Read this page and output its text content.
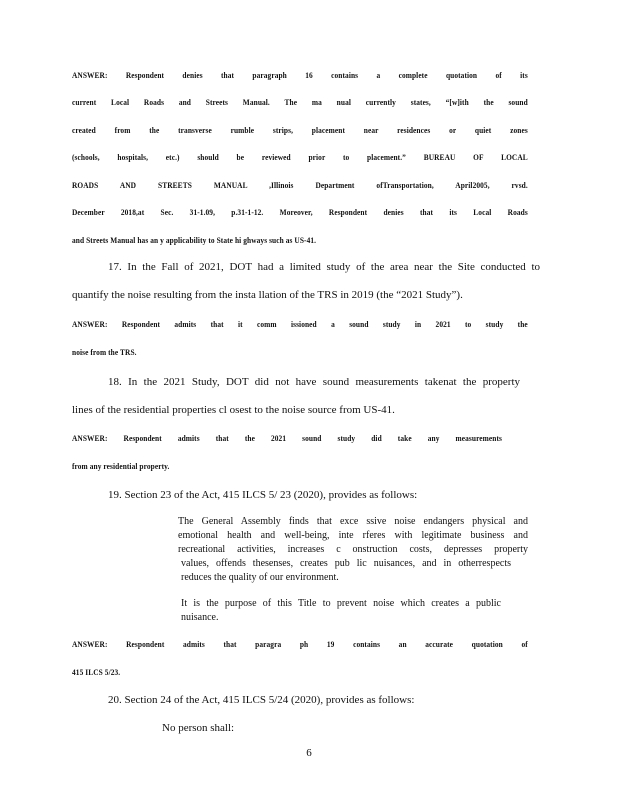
ANSWER: Respondent denies that paragraph 16 contains a complete quotation of its
current Local Roads and Streets Manual. The ma nual currently states, “[w]ith the sound
created from the transverse rumble strips, placement near residences or quiet zones
(schools, hospitals, etc.) should be reviewed prior to placement.” BUREAU OF LOCAL
ROADS AND STREETS MANUAL ,Illinois Department ofTransportation, April2005, rvsd.
December 2018,at Sec. 31-1.09, p.31-1-12. Moreover, Respondent denies that its Local Roads
and Streets Manual has an y applicability to State hi ghways such as US-41.
17. In the Fall of 2021, DOT had a limited study of the area near the Site conducted to
quantify the noise resulting from the insta llation of the TRS in 2019 (the “2021 Study”).
ANSWER: Respondent admits that it comm issioned a sound study in 2021 to study the
noise from the TRS.
18. In the 2021 Study, DOT did not have sound measurements takenat the property
lines of the residential properties cl osest to the noise source from US-41.
ANSWER: Respondent admits that the 2021 sound study did take any measurements
from any residential property.
19. Section 23 of the Act, 415 ILCS 5/ 23 (2020), provides as follows:
The General Assembly finds that exce ssive noise endangers physical and
emotional health and well-being, inte rferes with legitimate business and
recreational activities, increases c onstruction costs, depresses property
values, offends thesenses, creates pub lic nuisances, and in otherrespects
reduces the quality of our environment.
It is the purpose of this Title to prevent noise which creates a public
nuisance.
ANSWER: Respondent admits that paragra ph 19 contains an accurate quotation of
415 ILCS 5/23.
20. Section 24 of the Act, 415 ILCS 5/24 (2020), provides as follows:
No person shall:
6
